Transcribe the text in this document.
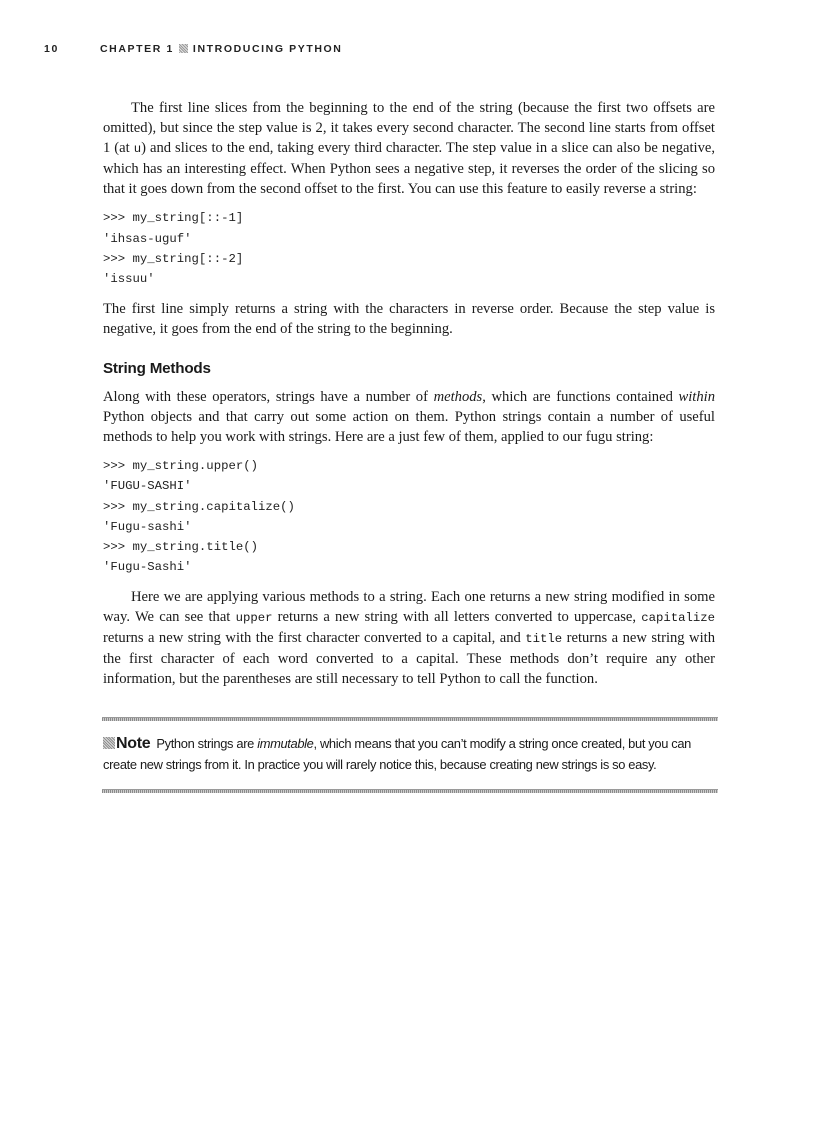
10	CHAPTER 1 INTRODUCING PYTHON

The first line slices from the beginning to the end of the string (because the first two offsets are omitted), but since the step value is 2, it takes every second character. The second line starts from offset 1 (at u) and slices to the end, taking every third character. The step value in a slice can also be negative, which has an interesting effect. When Python sees a negative step, it reverses the order of the slicing so that it goes down from the second offset to the first. You can use this feature to easily reverse a string:

>>> my_string[::-1]
'ihsas-uguf'
>>> my_string[::-2]
'issuu'

The first line simply returns a string with the characters in reverse order. Because the step value is negative, it goes from the end of the string to the beginning.

String Methods

Along with these operators, strings have a number of methods, which are functions contained within Python objects and that carry out some action on them. Python strings contain a number of useful methods to help you work with strings. Here are a just few of them, applied to our fugu string:

>>> my_string.upper()
'FUGU-SASHI'
>>> my_string.capitalize()
'Fugu-sashi'
>>> my_string.title()
'Fugu-Sashi'

Here we are applying various methods to a string. Each one returns a new string modified in some way. We can see that upper returns a new string with all letters converted to uppercase, capitalize returns a new string with the first character converted to a capital, and title returns a new string with the first character of each word converted to a capital. These methods don’t require any other information, but the parentheses are still necessary to tell Python to call the function.

Note Python strings are immutable, which means that you can’t modify a string once created, but you can create new strings from it. In practice you will rarely notice this, because creating new strings is so easy.
